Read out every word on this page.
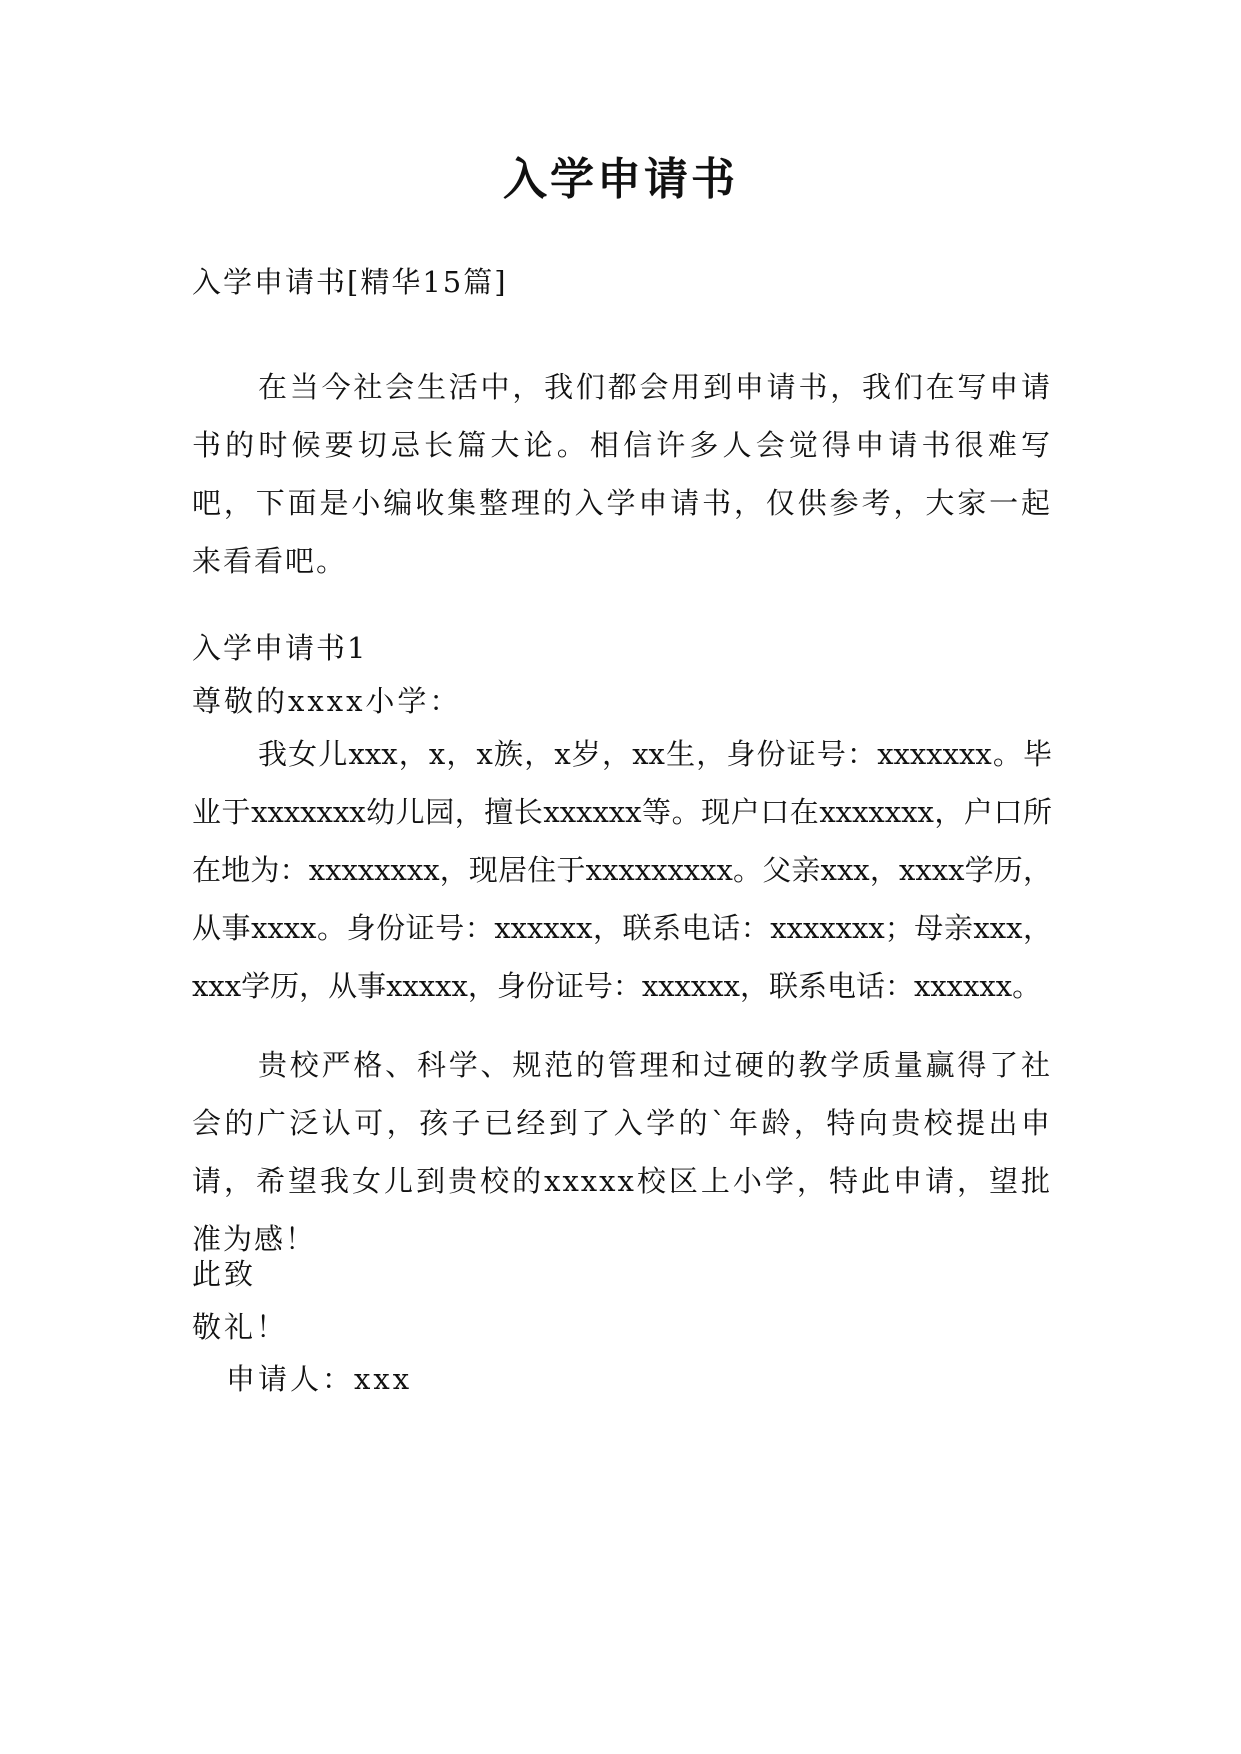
入学申请书

入学申请书[精华15篇]

在当今社会生活中，我们都会用到申请书，我们在写申请书的时候要切忌长篇大论。相信许多人会觉得申请书很难写吧，下面是小编收集整理的入学申请书，仅供参考，大家一起来看看吧。

入学申请书1

尊敬的xxxx小学：

我女儿xxx，x，x族，x岁，xx生，身份证号：xxxxxxx。毕业于xxxxxxx幼儿园，擅长xxxxxx等。现户口在xxxxxxx，户口所在地为：xxxxxxxx，现居住于xxxxxxxxx。父亲xxx，xxxx学历，从事xxxx。身份证号：xxxxxx，联系电话：xxxxxxx；母亲xxx，xxx学历，从事xxxxx，身份证号：xxxxxx，联系电话：xxxxxx。

贵校严格、科学、规范的管理和过硬的教学质量赢得了社会的广泛认可，孩子已经到了入学的`年龄，特向贵校提出申请，希望我女儿到贵校的xxxxx校区上小学，特此申请，望批准为感！

此致

敬礼！

申请人：xxx
